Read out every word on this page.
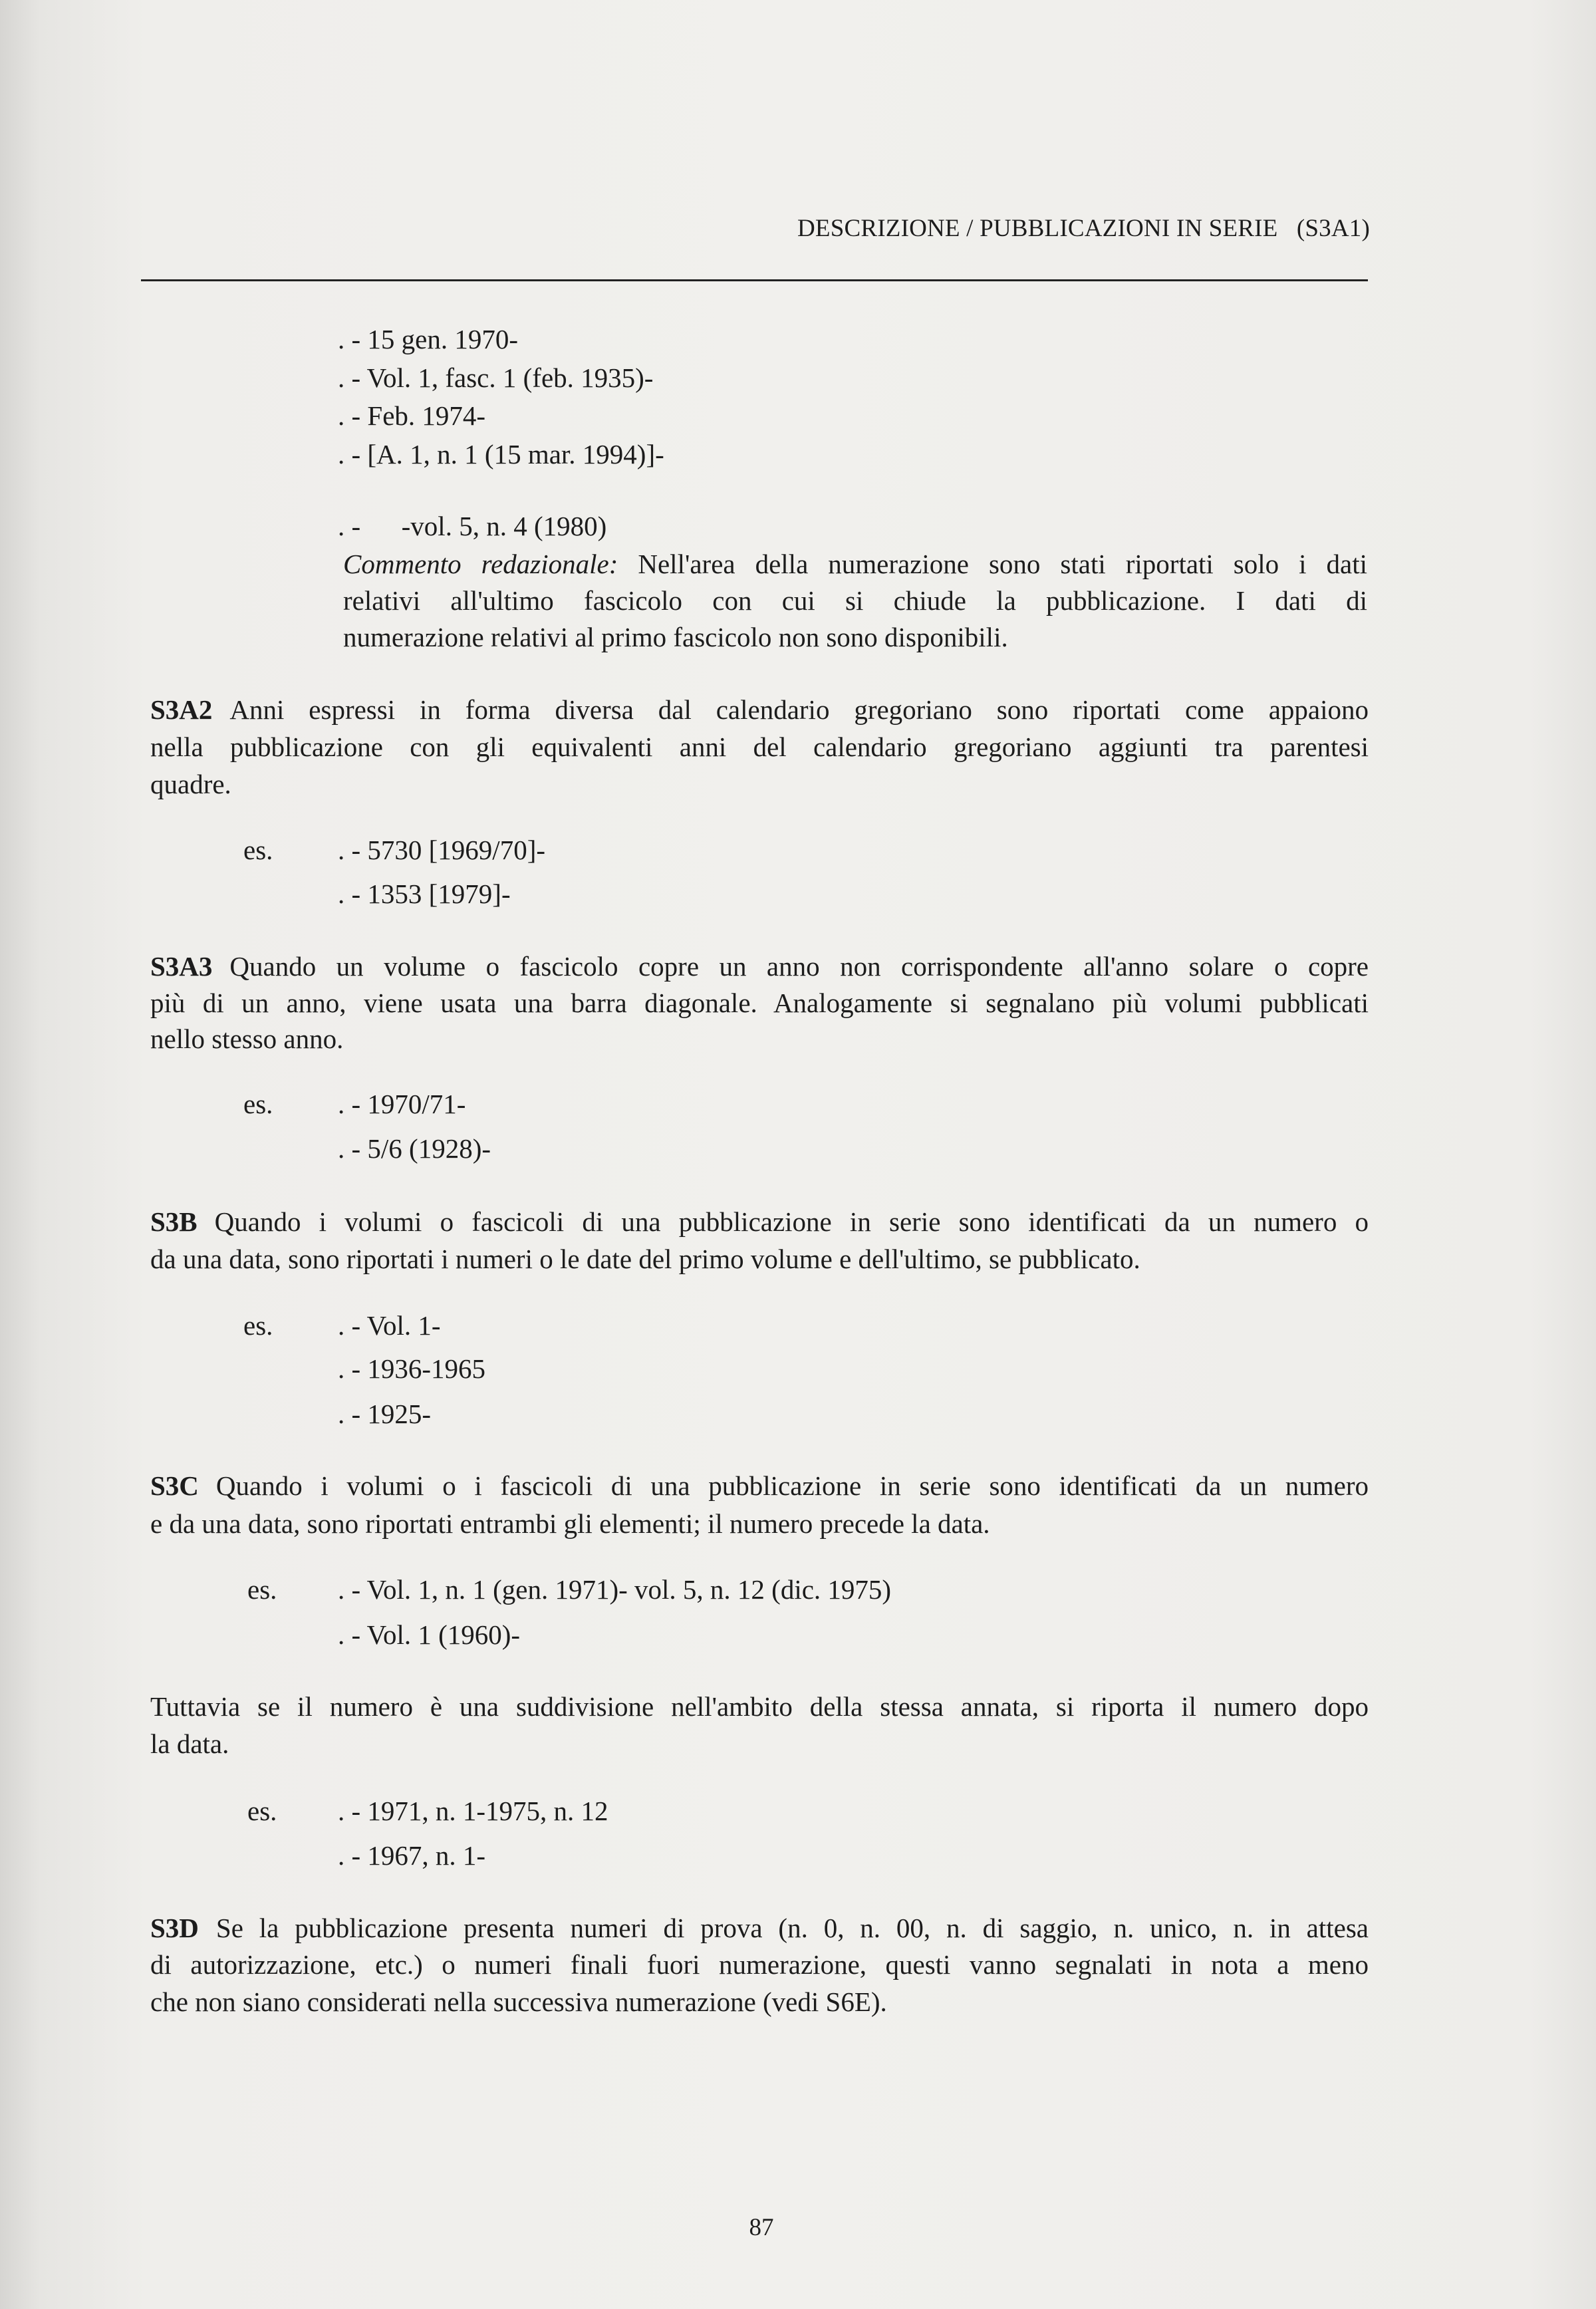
DESCRIZIONE / PUBBLICAZIONI IN SERIE (S3A1)
. - 15 gen. 1970-
. - Vol. 1, fasc. 1 (feb. 1935)-
. - Feb. 1974-
. - [A. 1, n. 1 (15 mar. 1994)]-
. -      -vol. 5, n. 4 (1980)
Commento redazionale: Nell'area della numerazione sono stati riportati solo i dati
relativi all'ultimo fascicolo con cui si chiude la pubblicazione. I dati di
numerazione relativi al primo fascicolo non sono disponibili.
S3A2 Anni espressi in forma diversa dal calendario gregoriano sono riportati come appaiono
nella pubblicazione con gli equivalenti anni del calendario gregoriano aggiunti tra parentesi
quadre.
es. . - 5730 [1969/70]-
. - 1353 [1979]-
S3A3 Quando un volume o fascicolo copre un anno non corrispondente all'anno solare o copre
più di un anno, viene usata una barra diagonale. Analogamente si segnalano più volumi pubblicati
nello stesso anno.
es. . - 1970/71-
. - 5/6 (1928)-
S3B Quando i volumi o fascicoli di una pubblicazione in serie sono identificati da un numero o
da una data, sono riportati i numeri o le date del primo volume e dell'ultimo, se pubblicato.
es. . - Vol. 1-
. - 1936-1965
. - 1925-
S3C Quando i volumi o i fascicoli di una pubblicazione in serie sono identificati da un numero
e da una data, sono riportati entrambi gli elementi; il numero precede la data.
es. . - Vol. 1, n. 1 (gen. 1971)- vol. 5, n. 12 (dic. 1975)
. - Vol. 1 (1960)-
Tuttavia se il numero è una suddivisione nell'ambito della stessa annata, si riporta il numero dopo
la data.
es. . - 1971, n. 1-1975, n. 12
. - 1967, n. 1-
S3D Se la pubblicazione presenta numeri di prova (n. 0, n. 00, n. di saggio, n. unico, n. in attesa
di autorizzazione, etc.) o numeri finali fuori numerazione, questi vanno segnalati in nota a meno
che non siano considerati nella successiva numerazione (vedi S6E).
87
